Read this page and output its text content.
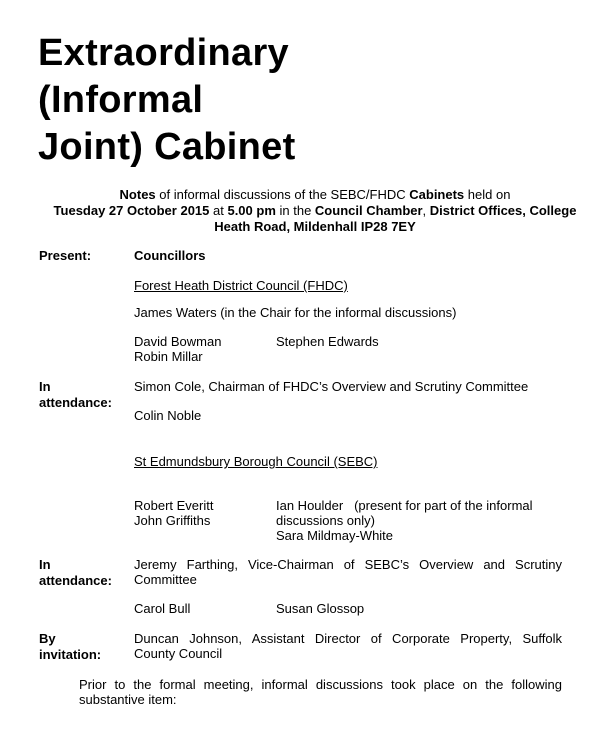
Extraordinary
(Informal
Joint) Cabinet
Notes of informal discussions of the SEBC/FHDC Cabinets held on
Tuesday 27 October 2015 at 5.00 pm in the Council Chamber, District Offices, College Heath Road, Mildenhall IP28 7EY
Present:	Councillors
Forest Heath District Council (FHDC)
James Waters (in the Chair for the informal discussions)
David Bowman
Robin Millar
Stephen Edwards
In
attendance:
Simon Cole, Chairman of FHDC’s Overview and Scrutiny Committee
Colin Noble
St Edmundsbury Borough Council (SEBC)
Robert Everitt
John Griffiths
Ian Houlder (present for part of the informal
discussions only)
Sara Mildmay-White
In
attendance:
Jeremy Farthing, Vice-Chairman of SEBC’s Overview and Scrutiny
Committee
Carol Bull	Susan Glossop
By
invitation:
Duncan Johnson, Assistant Director of Corporate Property, Suffolk
County Council
Prior to the formal meeting, informal discussions took place on the following
substantive item:
